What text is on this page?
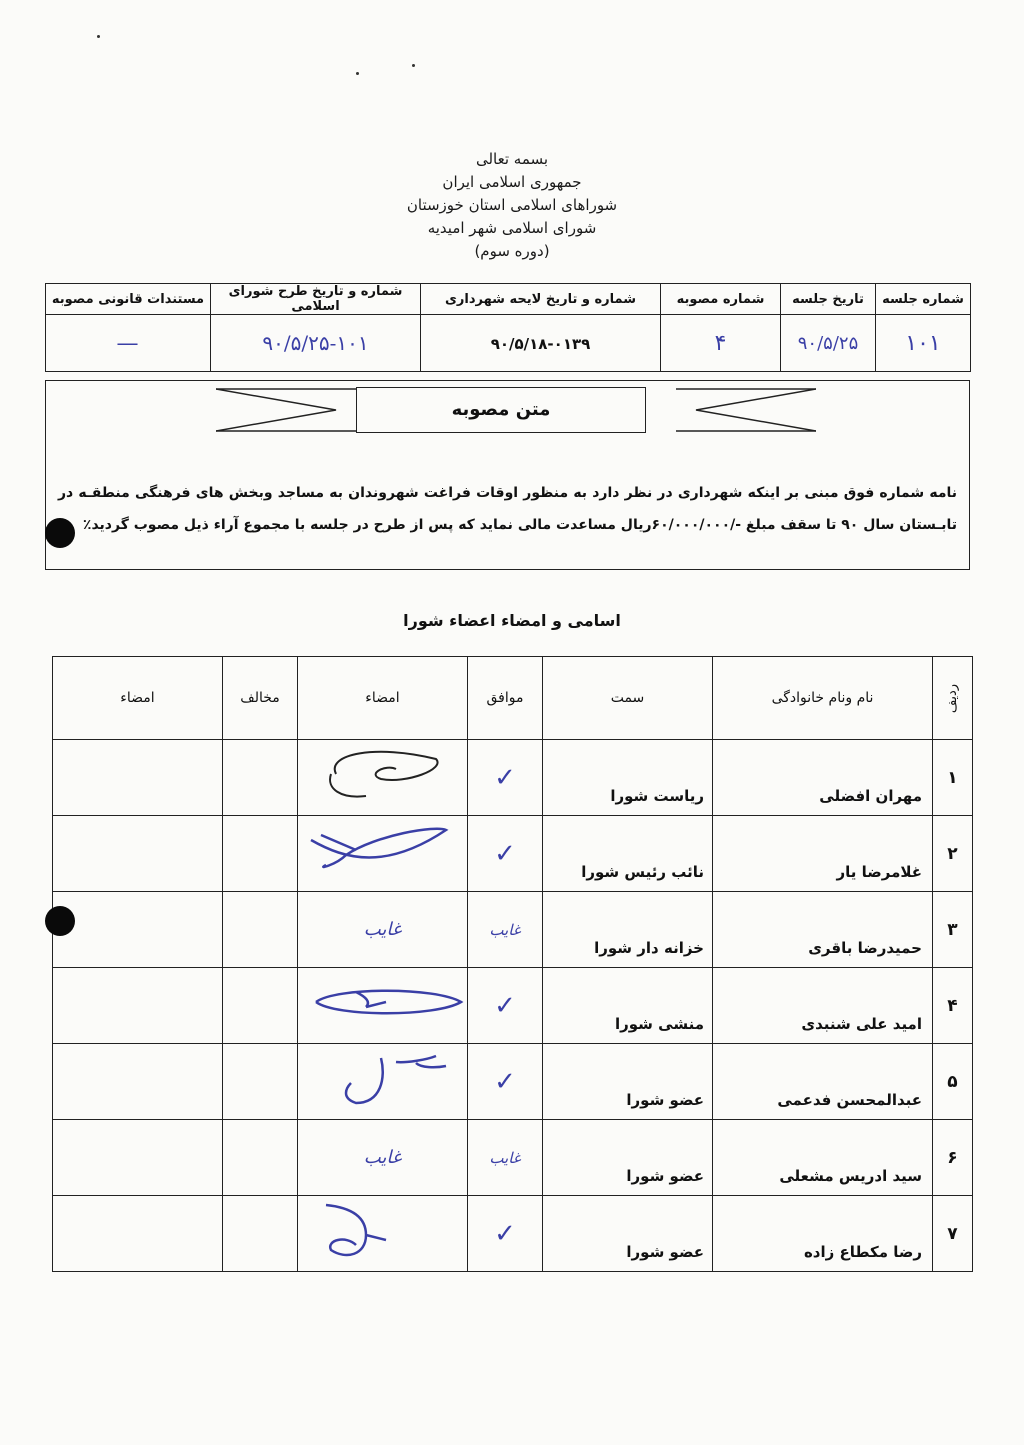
بسمه تعالی
جمهوری اسلامی ایران
شوراهای اسلامی استان خوزستان
شورای اسلامی شهر امیدیه
(دوره سوم)
شماره جلسه	تاریخ جلسه	شماره مصوبه	شماره و تاریخ لایحه شهرداری	شماره و تاریخ طرح شورای اسلامی	مستندات قانونی مصوبه
۱۰۱	۹۰/۵/۲۵	۴	۹۰/۵/۱۸-۰۱۳۹	۹۰/۵/۲۵-۱۰۱	—
متن مصوبه
نامه شماره فوق مبنی بر اینکه شهرداری در نظر دارد به منظور اوقات فراغت شهروندان به مساجد وبخش های فرهنگی منطقـه در تابـستان سال ۹۰ تا سقف مبلغ -/۶۰/۰۰۰/۰۰۰ریال مساعدت مالی نماید که پس از طرح در جلسه با مجموع آراء ذیل مصوب گردید٪
اسامی و امضاء اعضاء شورا
ردیف	نام ونام خانوادگی	سمت	موافق	امضاء	مخالف	امضاء
۱	مهران افضلی	ریاست شورا	✓			
۲	غلامرضا یار	نائب رئیس شورا	✓			
۳	حمیدرضا باقری	خزانه دار شورا	غایب	غایب		
۴	امید علی شنبدی	منشی شورا	✓			
۵	عبدالمحسن فدعمی	عضو شورا	✓			
۶	سید ادریس مشعلی	عضو شورا	غایب	غایب		
۷	رضا مکطاع زاده	عضو شورا	✓			
